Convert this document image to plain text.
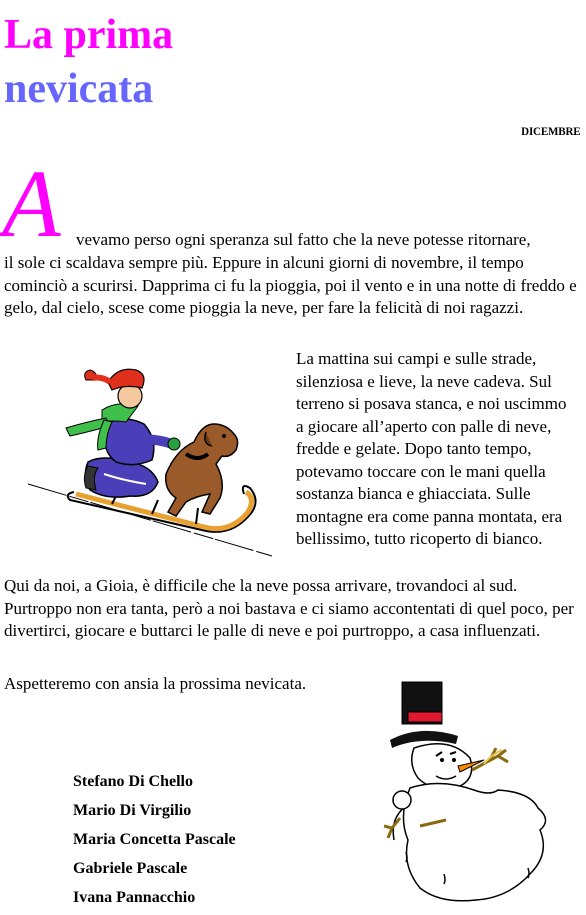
La prima
nevicata
DICEMBRE
A vevamo perso ogni speranza sul fatto che la neve potesse ritornare,

il sole ci scaldava sempre più. Eppure in alcuni giorni di novembre, il tempo cominciò a scurirsi. Dapprima ci fu la pioggia, poi il vento e in una notte di freddo e gelo, dal cielo, scese come pioggia la neve, per fare la felicità di noi ragazzi.

La mattina sui campi e sulle strade, silenziosa e lieve, la neve cadeva. Sul terreno si posava stanca, e noi uscimmo a giocare all’aperto con palle di neve, fredde e gelate. Dopo tanto tempo, potevamo toccare con le mani quella sostanza bianca e ghiacciata. Sulle montagne era come panna montata, era bellissimo, tutto ricoperto di bianco.

Qui da noi, a Gioia, è difficile che la neve possa arrivare, trovandoci al sud. Purtroppo non era tanta, però a noi bastava e ci siamo accontentati di quel poco, per divertirci, giocare e buttarci le palle di neve e poi purtroppo, a casa influenzati.

Aspetteremo con ansia la prossima nevicata.

Stefano Di Chello
Mario Di Virgilio
Maria Concetta Pascale
Gabriele Pascale
Ivana Pannacchio
